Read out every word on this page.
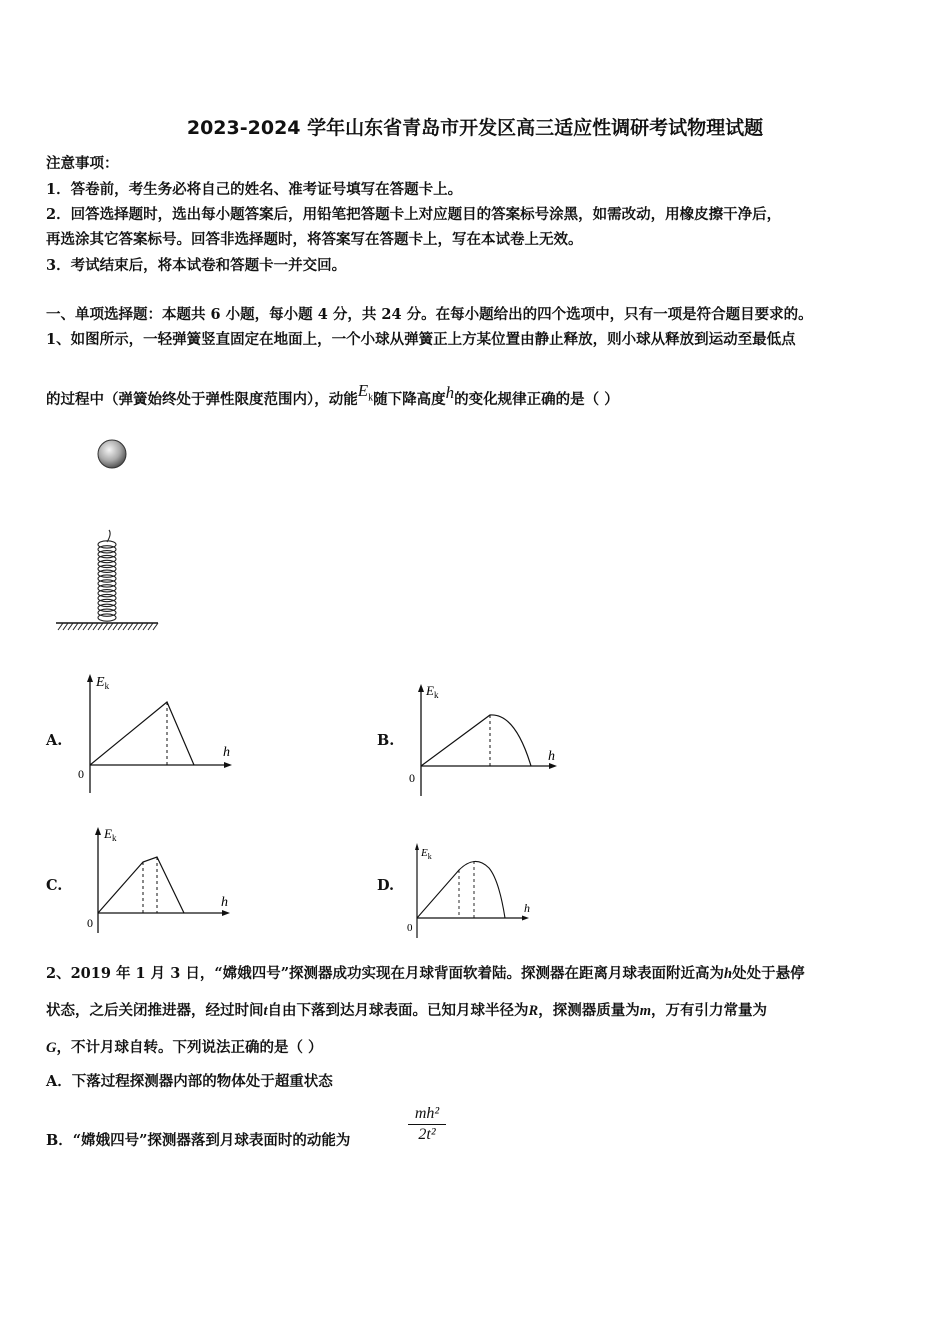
2023-2024 学年山东省青岛市开发区高三适应性调研考试物理试题
注意事项：
1．答卷前，考生务必将自己的姓名、准考证号填写在答题卡上。
2．回答选择题时，选出每小题答案后，用铅笔把答题卡上对应题目的答案标号涂黑，如需改动，用橡皮擦干净后，
再选涂其它答案标号。回答非选择题时，将答案写在答题卡上，写在本试卷上无效。
3．考试结束后，将本试卷和答题卡一并交回。
一、单项选择题：本题共 6 小题，每小题 4 分，共 24 分。在每小题给出的四个选项中，只有一项是符合题目要求的。
1、如图所示，一轻弹簧竖直固定在地面上，一个小球从弹簧正上方某位置由静止释放，则小球从释放到运动至最低点
的过程中（弹簧始终处于弹性限度范围内），动能$E_k$随下降高度h的变化规律正确的是（ ）
A.	B.
C.	D.
$E_k$
h
0
$E_k$
h
0
$E_k$
h
0
$E_k$
h
0
2、2019 年 1 月 3 日，“嫦娥四号”探测器成功实现在月球背面软着陆。探测器在距离月球表面附近高为h处处于悬停
状态，之后关闭推进器，经过时间t自由下落到达月球表面。已知月球半径为R，探测器质量为m，万有引力常量为
G，不计月球自转。下列说法正确的是（ ）
A．下落过程探测器内部的物体处于超重状态
B．“嫦娥四号”探测器落到月球表面时的动能为
mh²
2t²
